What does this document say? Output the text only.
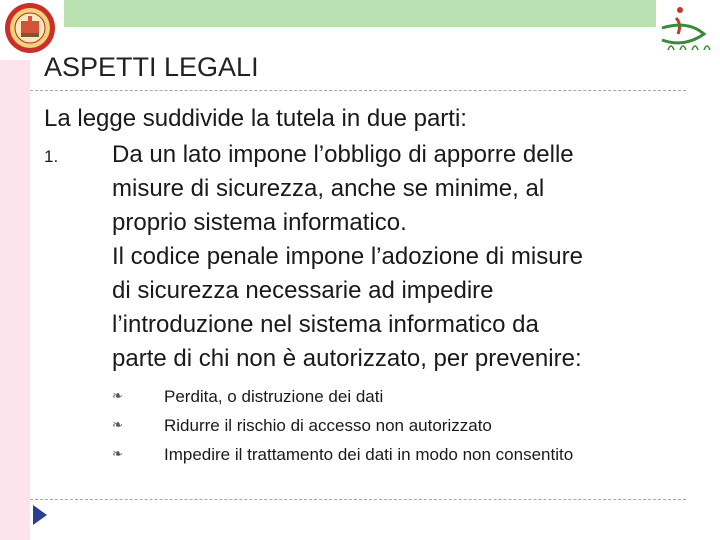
ASPETTI LEGALI

La legge suddivide la tutela in due parti:

1. Da un lato impone l’obbligo di apporre delle

misure di sicurezza, anche se minime, al

proprio sistema informatico.

Il codice penale impone l’adozione di misure

di sicurezza necessarie ad impedire

l’introduzione nel sistema informatico da

parte di chi non è autorizzato, per prevenire:

❧ Perdita, o distruzione dei dati
❧ Ridurre il rischio di accesso non autorizzato
❧ Impedire il trattamento dei dati in modo non consentito
